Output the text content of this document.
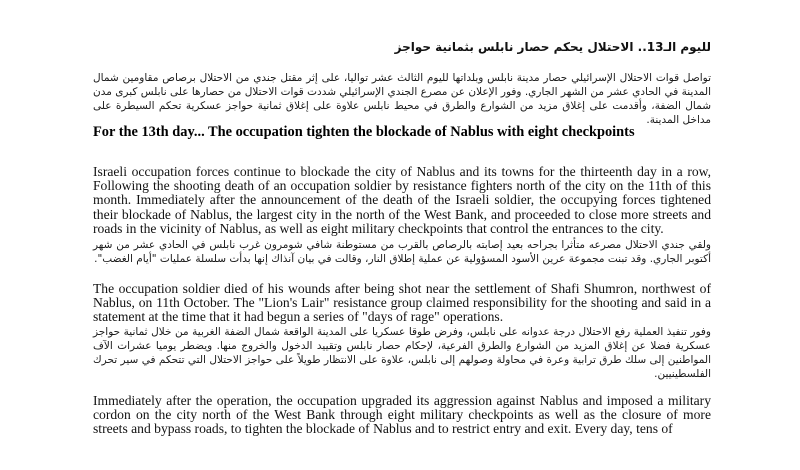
لليوم الـ13.. الاحتلال يحكم حصار نابلس بثمانية حواجز

تواصل قوات الاحتلال الإسرائيلي حصار مدينة نابلس وبلداتها لليوم الثالث عشر تواليا، على إثر مقتل جندي من الاحتلال برصاص مقاومين شمال المدينة في الحادي عشر من الشهر الجاري. وفور الإعلان عن مصرع الجندي الإسرائيلي شددت قوات الاحتلال من حصارها على نابلس كبرى مدن شمال الضفة، وأقدمت على إغلاق مزيد من الشوارع والطرق في محيط نابلس علاوة على إغلاق ثمانية حواجز عسكرية تحكم السيطرة على مداخل المدينة.

For the 13th day... The occupation tighten the blockade of Nablus with eight checkpoints

Israeli occupation forces continue to blockade the city of Nablus and its towns for the thirteenth day in a row, Following the shooting death of an occupation soldier by resistance fighters north of the city on the 11th of this month. Immediately after the announcement of the death of the Israeli soldier, the occupying forces tightened their blockade of Nablus, the largest city in the north of the West Bank, and proceeded to close more streets and roads in the vicinity of Nablus, as well as eight military checkpoints that control the entrances to the city.

ولقي جندي الاحتلال مصرعه متأثرا بجراحه بعيد إصابته بالرصاص بالقرب من مستوطنة شافي شومرون غرب نابلس في الحادي عشر من شهر أكتوبر الجاري. وقد تبنت مجموعة عرين الأسود المسؤولية عن عملية إطلاق النار، وقالت في بيان آنذاك إنها بدأت سلسلة عمليات "أيام الغضب".

The occupation soldier died of his wounds after being shot near the settlement of Shafi Shumron, northwest of Nablus, on 11th October. The "Lion's Lair" resistance group claimed responsibility for the shooting and said in a statement at the time that it had begun a series of "days of rage" operations.

وفور تنفيذ العملية رفع الاحتلال درجة عدوانه على نابلس، وفرض طوقا عسكريا على المدينة الواقعة شمال الضفة الغربية من خلال ثمانية حواجز عسكرية فضلا عن إغلاق المزيد من الشوارع والطرق الفرعية، لإحكام حصار نابلس وتقييد الدخول والخروج منها. ويضطر يوميا عشرات الآف المواطنين إلى سلك طرق ترابية وعرة في محاولة وصولهم إلى نابلس، علاوة على الانتظار طويلاً على حواجز الاحتلال التي تتحكم في سير تحرك الفلسطينيين.

Immediately after the operation, the occupation upgraded its aggression against Nablus and imposed a military cordon on the city north of the West Bank through eight military checkpoints as well as the closure of more streets and bypass roads, to tighten the blockade of Nablus and to restrict entry and exit. Every day, tens of
